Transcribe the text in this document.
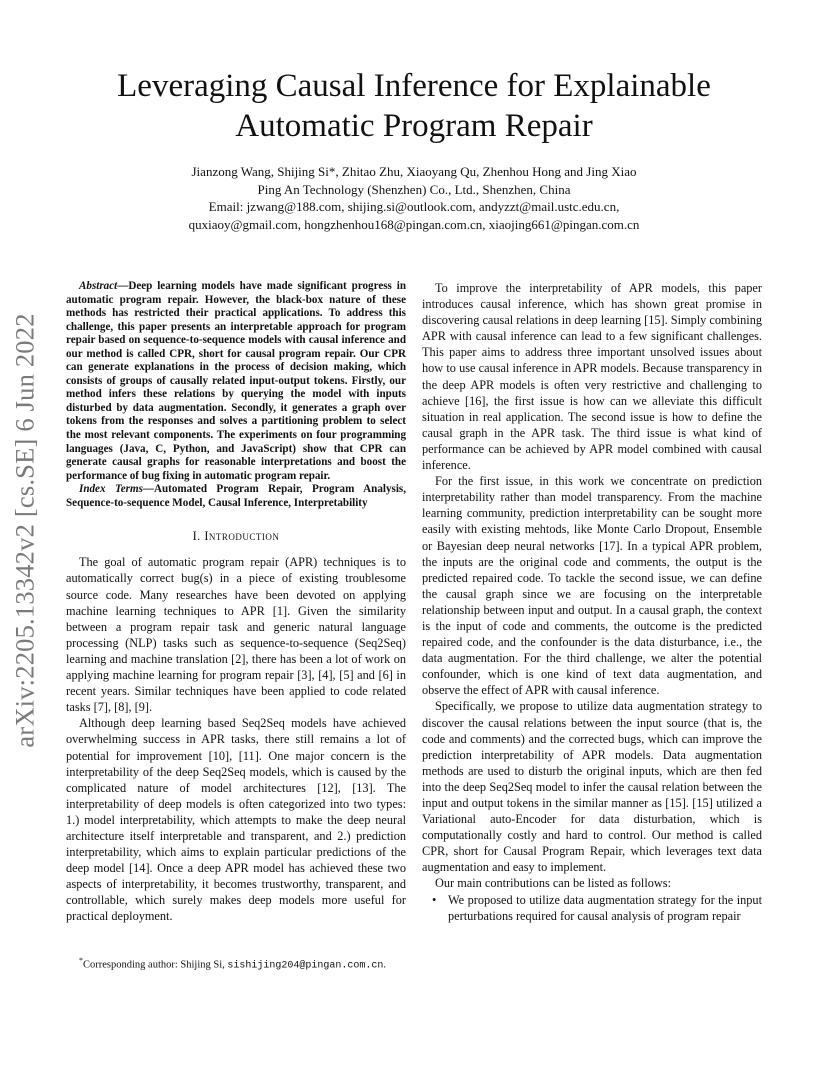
arXiv:2205.13342v2 [cs.SE] 6 Jun 2022
Leveraging Causal Inference for Explainable
Automatic Program Repair
Jianzong Wang, Shijing Si*, Zhitao Zhu, Xiaoyang Qu, Zhenhou Hong and Jing Xiao
Ping An Technology (Shenzhen) Co., Ltd., Shenzhen, China
Email: jzwang@188.com, shijing.si@outlook.com, andyzzt@mail.ustc.edu.cn,
quxiaoy@gmail.com, hongzhenhou168@pingan.com.cn, xiaojing661@pingan.com.cn

Abstract—Deep learning models have made significant progress in automatic program repair. However, the black-box nature of these methods has restricted their practical applications. To address this challenge, this paper presents an interpretable approach for program repair based on sequence-to-sequence models with causal inference and our method is called CPR, short for causal program repair. Our CPR can generate explanations in the process of decision making, which consists of groups of causally related input-output tokens. Firstly, our method infers these relations by querying the model with inputs disturbed by data augmentation. Secondly, it generates a graph over tokens from the responses and solves a partitioning problem to select the most relevant components. The experiments on four programming languages (Java, C, Python, and JavaScript) show that CPR can generate causal graphs for reasonable interpretations and boost the performance of bug fixing in automatic program repair.

Index Terms—Automated Program Repair, Program Analysis, Sequence-to-sequence Model, Causal Inference, Interpretability

I. Introduction

The goal of automatic program repair (APR) techniques is to automatically correct bug(s) in a piece of existing troublesome source code. Many researches have been devoted on applying machine learning techniques to APR [1]. Given the similarity between a program repair task and generic natural language processing (NLP) tasks such as sequence-to-sequence (Seq2Seq) learning and machine translation [2], there has been a lot of work on applying machine learning for program repair [3], [4], [5] and [6] in recent years. Similar techniques have been applied to code related tasks [7], [8], [9].

Although deep learning based Seq2Seq models have achieved overwhelming success in APR tasks, there still remains a lot of potential for improvement [10], [11]. One major concern is the interpretability of the deep Seq2Seq models, which is caused by the complicated nature of model architectures [12], [13]. The interpretability of deep models is often categorized into two types: 1.) model interpretability, which attempts to make the deep neural architecture itself interpretable and transparent, and 2.) prediction interpretability, which aims to explain particular predictions of the deep model [14]. Once a deep APR model has achieved these two aspects of interpretability, it becomes trustworthy, transparent, and controllable, which surely makes deep models more useful for practical deployment.

*Corresponding author: Shijing Si, sishijing204@pingan.com.cn.

To improve the interpretability of APR models, this paper introduces causal inference, which has shown great promise in discovering causal relations in deep learning [15]. Simply combining APR with causal inference can lead to a few significant challenges. This paper aims to address three important unsolved issues about how to use causal inference in APR models. Because transparency in the deep APR models is often very restrictive and challenging to achieve [16], the first issue is how can we alleviate this difficult situation in real application. The second issue is how to define the causal graph in the APR task. The third issue is what kind of performance can be achieved by APR model combined with causal inference.

For the first issue, in this work we concentrate on prediction interpretability rather than model transparency. From the machine learning community, prediction interpretability can be sought more easily with existing mehtods, like Monte Carlo Dropout, Ensemble or Bayesian deep neural networks [17]. In a typical APR problem, the inputs are the original code and comments, the output is the predicted repaired code. To tackle the second issue, we can define the causal graph since we are focusing on the interpretable relationship between input and output. In a causal graph, the context is the input of code and comments, the outcome is the predicted repaired code, and the confounder is the data disturbance, i.e., the data augmentation. For the third challenge, we alter the potential confounder, which is one kind of text data augmentation, and observe the effect of APR with causal inference.

Specifically, we propose to utilize data augmentation strategy to discover the causal relations between the input source (that is, the code and comments) and the corrected bugs, which can improve the prediction interpretability of APR models. Data augmentation methods are used to disturb the original inputs, which are then fed into the deep Seq2Seq model to infer the causal relation between the input and output tokens in the similar manner as [15]. [15] utilized a Variational auto-Encoder for data disturbation, which is computationally costly and hard to control. Our method is called CPR, short for Causal Program Repair, which leverages text data augmentation and easy to implement.

Our main contributions can be listed as follows:

• We proposed to utilize data augmentation strategy for the input perturbations required for causal analysis of program repair
